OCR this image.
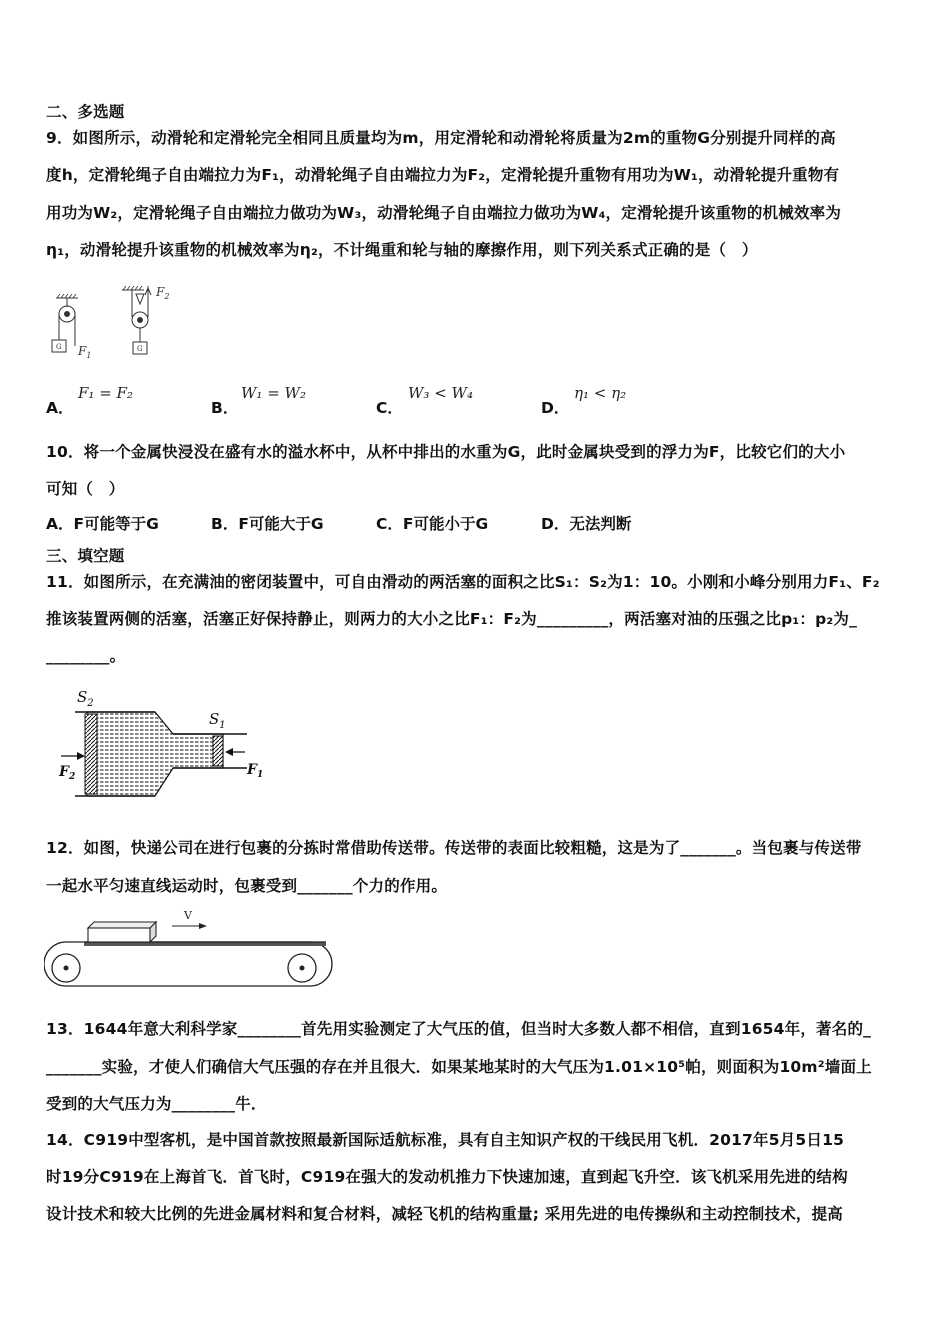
二、多选题
9．如图所示，动滑轮和定滑轮完全相同且质量均为m，用定滑轮和动滑轮将质量为2m的重物G分别提升同样的高
度h，定滑轮绳子自由端拉力为F₁，动滑轮绳子自由端拉力为F₂，定滑轮提升重物有用功为W₁，动滑轮提升重物有
用功为W₂，定滑轮绳子自由端拉力做功为W₃，动滑轮绳子自由端拉力做功为W₄，定滑轮提升该重物的机械效率为
η₁，动滑轮提升该重物的机械效率为η₂，不计绳重和轮与轴的摩擦作用，则下列关系式正确的是（　）
G $F_1$
G
$F_2$
A．
F₁ = F₂
B．
W₁ = W₂
C．
W₃ < W₄
D．
η₁ < η₂
10．将一个金属快浸没在盛有水的溢水杯中，从杯中排出的水重为G，此时金属块受到的浮力为F，比较它们的大小
可知（　）
A．F可能等于G	B．F可能大于G	C．F可能小于G	D．无法判断
三、填空题
11．如图所示，在充满油的密闭装置中，可自由滑动的两活塞的面积之比S₁：S₂为1：10。小刚和小峰分别用力F₁、F₂
推该装置两侧的活塞，活塞正好保持静止，则两力的大小之比F₁：F₂为_________，两活塞对油的压强之比p₁：p₂为_
________。
$S_2$
$S_1$
$F_2$	$F_1$
12．如图，快递公司在进行包裹的分拣时常借助传送带。传送带的表面比较粗糙，这是为了_______。当包裹与传送带
一起水平匀速直线运动时，包裹受到_______个力的作用。
V
13．1644年意大利科学家________首先用实验测定了大气压的值，但当时大多数人都不相信，直到1654年，著名的_
_______实验，才使人们确信大气压强的存在并且很大．如果某地某时的大气压为1.01×10⁵帕，则面积为10m²墙面上
受到的大气压力为________牛．
14．C919中型客机，是中国首款按照最新国际适航标准，具有自主知识产权的干线民用飞机．2017年5月5日15
时19分C919在上海首飞．首飞时，C919在强大的发动机推力下快速加速，直到起飞升空．该飞机采用先进的结构
设计技术和较大比例的先进金属材料和复合材料，减轻飞机的结构重量; 采用先进的电传操纵和主动控制技术，提高
